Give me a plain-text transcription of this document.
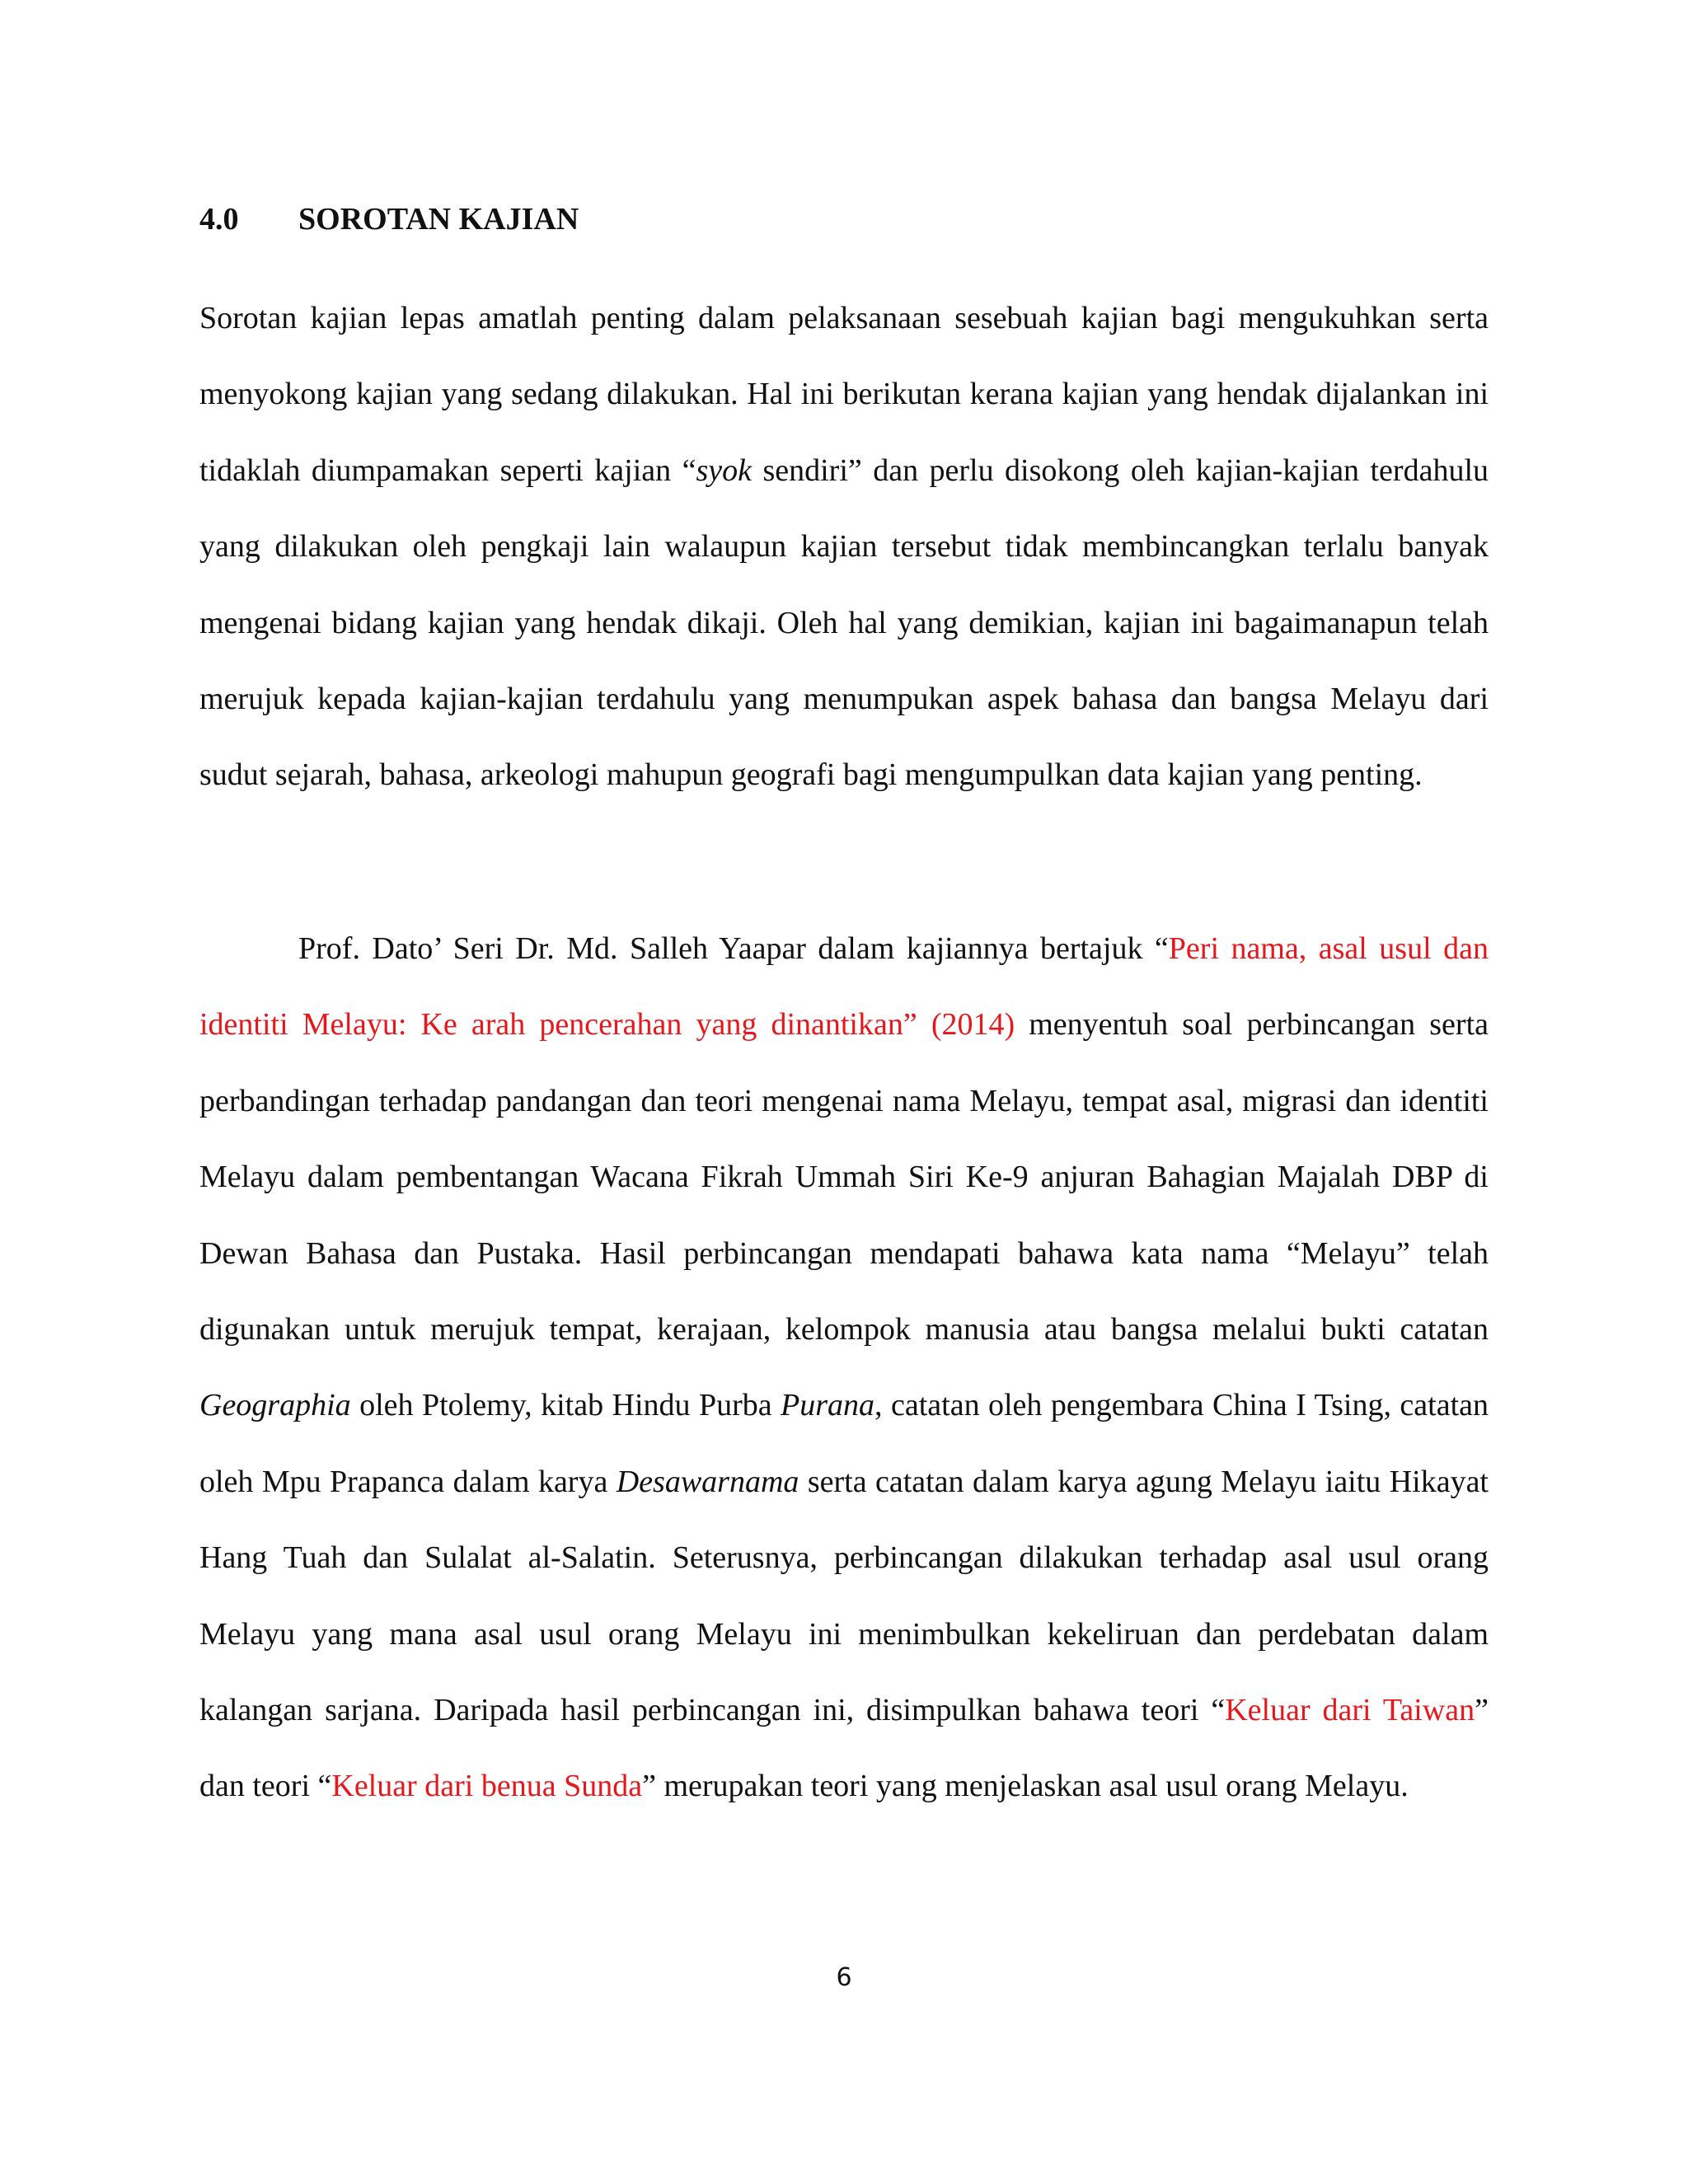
4.0 SOROTAN KAJIAN

Sorotan kajian lepas amatlah penting dalam pelaksanaan sesebuah kajian bagi mengukuhkan serta menyokong kajian yang sedang dilakukan. Hal ini berikutan kerana kajian yang hendak dijalankan ini tidaklah diumpamakan seperti kajian “syok sendiri” dan perlu disokong oleh kajian-kajian terdahulu yang dilakukan oleh pengkaji lain walaupun kajian tersebut tidak membincangkan terlalu banyak mengenai bidang kajian yang hendak dikaji. Oleh hal yang demikian, kajian ini bagaimanapun telah merujuk kepada kajian-kajian terdahulu yang menumpukan aspek bahasa dan bangsa Melayu dari sudut sejarah, bahasa, arkeologi mahupun geografi bagi mengumpulkan data kajian yang penting.

Prof. Dato’ Seri Dr. Md. Salleh Yaapar dalam kajiannya bertajuk “Peri nama, asal usul dan identiti Melayu: Ke arah pencerahan yang dinantikan” (2014) menyentuh soal perbincangan serta perbandingan terhadap pandangan dan teori mengenai nama Melayu, tempat asal, migrasi dan identiti Melayu dalam pembentangan Wacana Fikrah Ummah Siri Ke-9 anjuran Bahagian Majalah DBP di Dewan Bahasa dan Pustaka. Hasil perbincangan mendapati bahawa kata nama “Melayu” telah digunakan untuk merujuk tempat, kerajaan, kelompok manusia atau bangsa melalui bukti catatan Geographia oleh Ptolemy, kitab Hindu Purba Purana, catatan oleh pengembara China I Tsing, catatan oleh Mpu Prapanca dalam karya Desawarnama serta catatan dalam karya agung Melayu iaitu Hikayat Hang Tuah dan Sulalat al-Salatin. Seterusnya, perbincangan dilakukan terhadap asal usul orang Melayu yang mana asal usul orang Melayu ini menimbulkan kekeliruan dan perdebatan dalam kalangan sarjana. Daripada hasil perbincangan ini, disimpulkan bahawa teori “Keluar dari Taiwan” dan teori “Keluar dari benua Sunda” merupakan teori yang menjelaskan asal usul orang Melayu.

6
